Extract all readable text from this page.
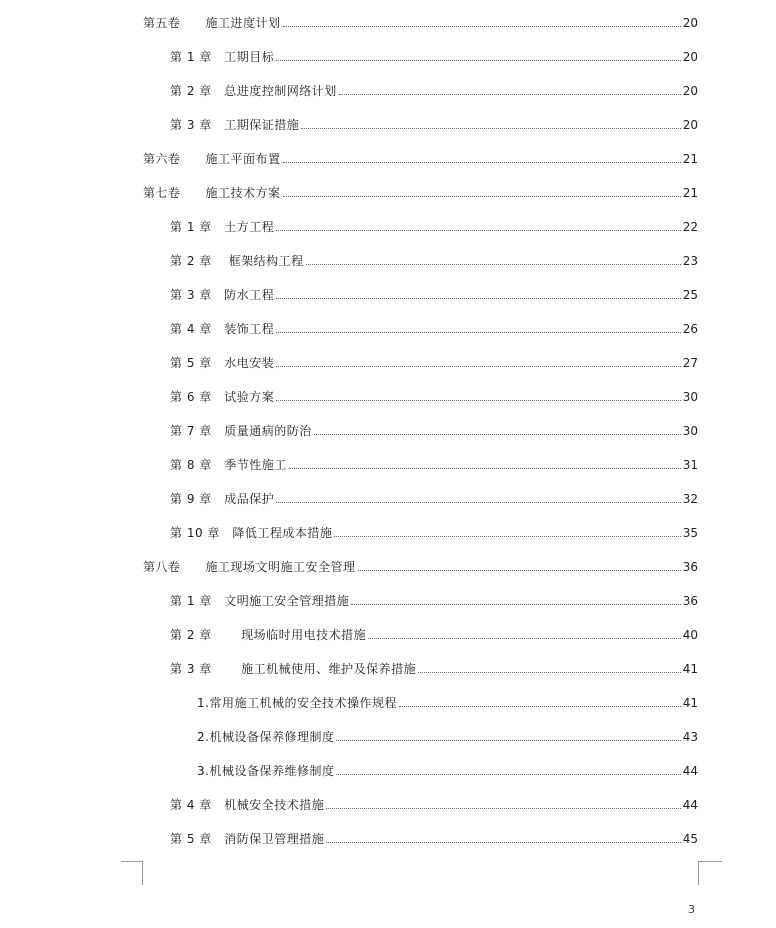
第五卷　　施工进度计划	20
第 1 章　工期目标	20
第 2 章　总进度控制网络计划	20
第 3 章　工期保证措施	20
第六卷　　施工平面布置	21
第七卷　　施工技术方案	21
第 1 章　土方工程	22
第 2 章　 框架结构工程	23
第 3 章　防水工程	25
第 4 章　装饰工程	26
第 5 章　水电安装	27
第 6 章　试验方案	30
第 7 章　质量通病的防治	30
第 8 章　季节性施工	31
第 9 章　成品保护	32
第 10 章　降低工程成本措施	35
第八卷　　施工现场文明施工安全管理	36
第 1 章　文明施工安全管理措施	36
第 2 章　　 现场临时用电技术措施	40
第 3 章　　 施工机械使用、维护及保养措施	41
1.常用施工机械的安全技术操作规程	41
2.机械设备保养修理制度	43
3.机械设备保养维修制度	44
第 4 章　机械安全技术措施	44
第 5 章　消防保卫管理措施	45
3
